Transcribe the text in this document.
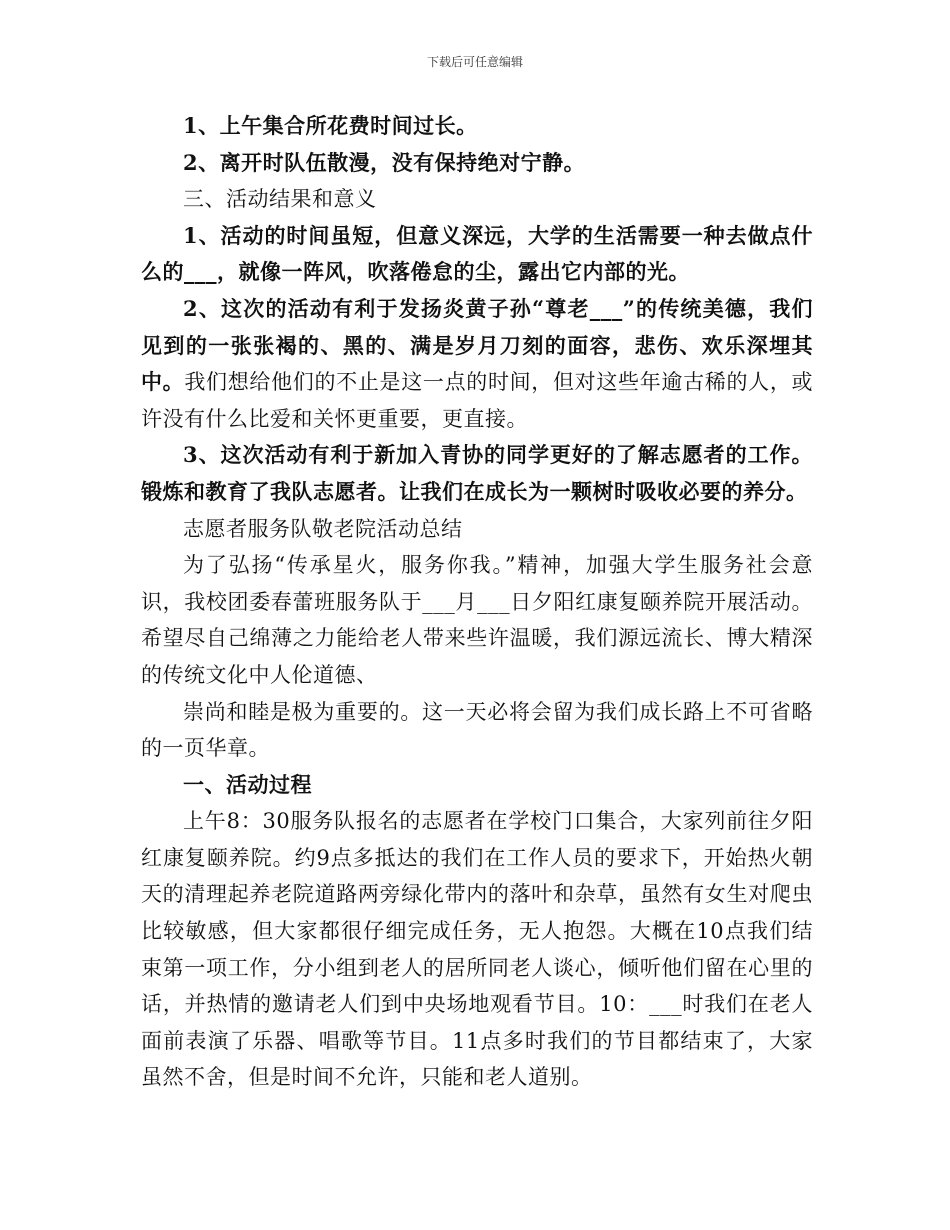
下载后可任意编辑

1、上午集合所花费时间过长。

2、离开时队伍散漫，没有保持绝对宁静。

三、活动结果和意义

1、活动的时间虽短，但意义深远，大学的生活需要一种去做点什么的___，就像一阵风，吹落倦怠的尘，露出它内部的光。

2、这次的活动有利于发扬炎黄子孙“尊老___”的传统美德，我们见到的一张张褐的、黑的、满是岁月刀刻的面容，悲伤、欢乐深埋其中。我们想给他们的不止是这一点的时间，但对这些年逾古稀的人，或许没有什么比爱和关怀更重要，更直接。

3、这次活动有利于新加入青协的同学更好的了解志愿者的工作。锻炼和教育了我队志愿者。让我们在成长为一颗树时吸收必要的养分。

志愿者服务队敬老院活动总结

为了弘扬“传承星火，服务你我。”精神，加强大学生服务社会意识，我校团委春蕾班服务队于___月___日夕阳红康复颐养院开展活动。希望尽自己绵薄之力能给老人带来些许温暖，我们源远流长、博大精深的传统文化中人伦道德、

崇尚和睦是极为重要的。这一天必将会留为我们成长路上不可省略的一页华章。

一、活动过程

上午8：30服务队报名的志愿者在学校门口集合，大家列前往夕阳红康复颐养院。约9点多抵达的我们在工作人员的要求下，开始热火朝天的清理起养老院道路两旁绿化带内的落叶和杂草，虽然有女生对爬虫比较敏感，但大家都很仔细完成任务，无人抱怨。大概在10点我们结束第一项工作，分小组到老人的居所同老人谈心，倾听他们留在心里的话，并热情的邀请老人们到中央场地观看节目。10：___时我们在老人面前表演了乐器、唱歌等节目。11点多时我们的节目都结束了，大家虽然不舍，但是时间不允许，只能和老人道别。
